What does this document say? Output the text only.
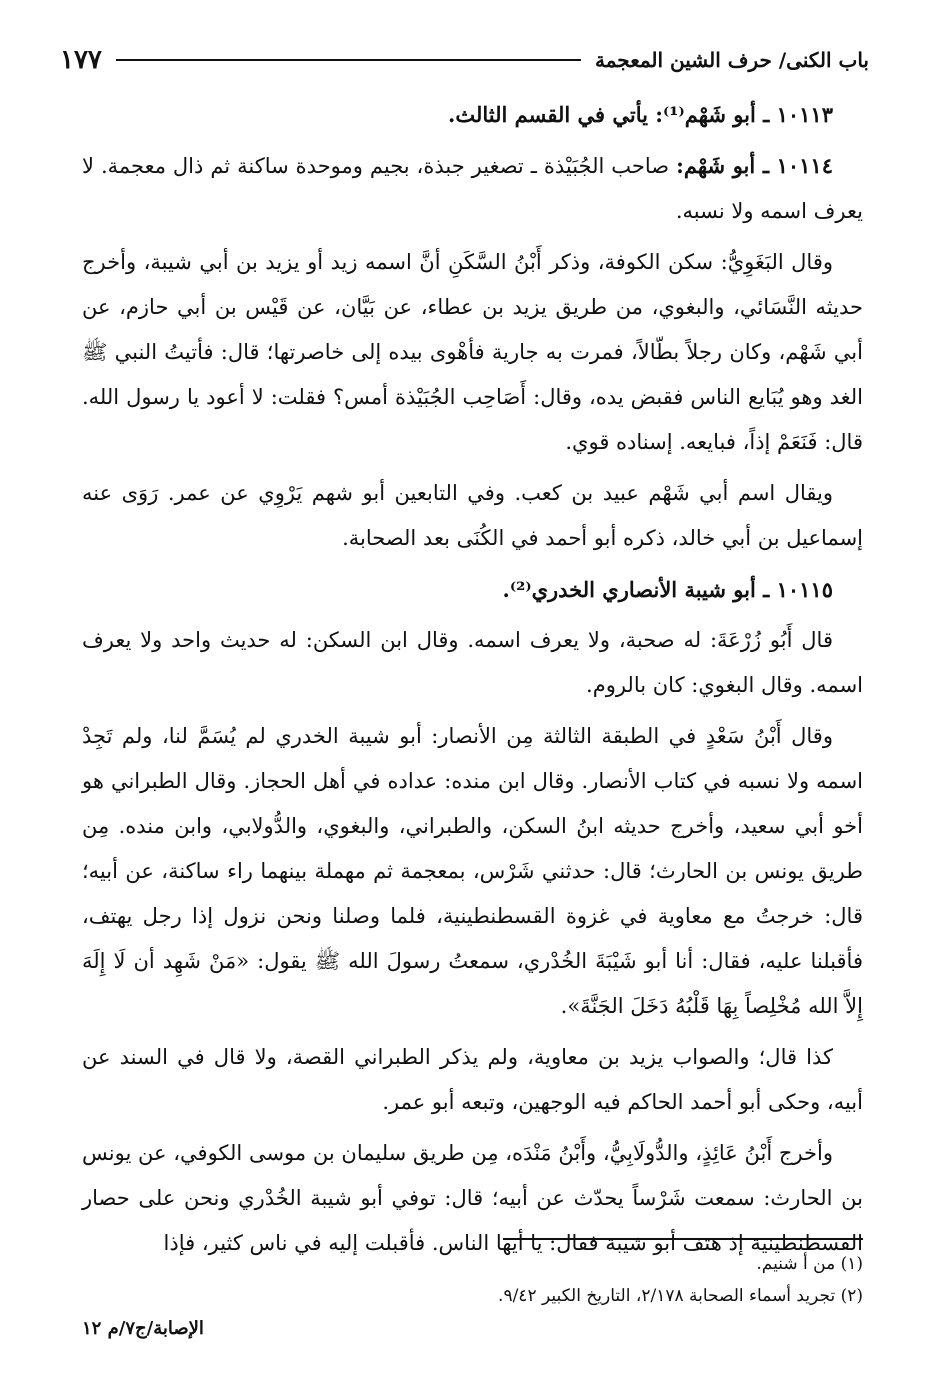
باب الكنى/ حرف الشين المعجمة
١٧٧

١٠١١٣ ـ أبو شَهْم⁽¹⁾: يأتي في القسم الثالث.

١٠١١٤ ـ أبو شَهْم: صاحب الجُبَيْذة ـ تصغير جبذة، بجيم وموحدة ساكنة ثم ذال معجمة. لا يعرف اسمه ولا نسبه.

وقال البَغَوِيُّ: سكن الكوفة، وذكر أَبْنُ السَّكَنِ أنَّ اسمه زيد أو يزيد بن أبي شيبة، وأخرج حديثه النَّسَائي، والبغوي، من طريق يزيد بن عطاء، عن بَيَّان، عن قَيْس بن أبي حازم، عن أبي شَهْم، وكان رجلاً بطّالاً، فمرت به جارية فأهْوى بيده إلى خاصرتها؛ قال: فأتيتُ النبي ﷺ الغد وهو يُبَايع الناس فقبض يده، وقال: أَصَاحِب الجُبَيْذة أمس؟ فقلت: لا أعود يا رسول الله. قال: فَنَعَمْ إذاً، فبايعه. إسناده قوي.

ويقال اسم أبي شَهْم عبيد بن كعب. وفي التابعين أبو شهم يَرْوِي عن عمر. رَوَى عنه إسماعيل بن أبي خالد، ذكره أبو أحمد في الكُنَى بعد الصحابة.

١٠١١٥ ـ أبو شيبة الأنصاري الخدري⁽²⁾.

قال أَبُو زُرْعَةَ: له صحبة، ولا يعرف اسمه. وقال ابن السكن: له حديث واحد ولا يعرف اسمه. وقال البغوي: كان بالروم.

وقال أَبْنُ سَعْدٍ في الطبقة الثالثة مِن الأنصار: أبو شيبة الخدري لم يُسَمَّ لنا، ولم تَجِدْ اسمه ولا نسبه في كتاب الأنصار. وقال ابن منده: عداده في أهل الحجاز. وقال الطبراني هو أخو أبي سعيد، وأخرج حديثه ابنُ السكن، والطبراني، والبغوي، والدُّولابي، وابن منده. مِن طريق يونس بن الحارث؛ قال: حدثني شَرْس، بمعجمة ثم مهملة بينهما راء ساكنة، عن أبيه؛ قال: خرجتُ مع معاوية في غزوة القسطنطينية، فلما وصلنا ونحن نزول إذا رجل يهتف، فأقبلنا عليه، فقال: أنا أبو شَيْبَةَ الخُدْري، سمعتُ رسولَ الله ﷺ يقول: «مَنْ شَهِد أن لَا إِلَهَ إِلاَّ الله مُخْلِصاً بِهَا قَلْبُهُ دَخَلَ الجَنَّةَ».

كذا قال؛ والصواب يزيد بن معاوية، ولم يذكر الطبراني القصة، ولا قال في السند عن أبيه، وحكى أبو أحمد الحاكم فيه الوجهين، وتبعه أبو عمر.

وأخرج أَبْنُ عَائِذٍ، والدُّولَابِيُّ، وأَبْنُ مَنْدَه، مِن طريق سليمان بن موسى الكوفي، عن يونس بن الحارث: سمعت شَرْساً يحدّث عن أبيه؛ قال: توفي أبو شيبة الخُدْري ونحن على حصار القسطنطينية إذ هتف أبو شيبة فقال: يا أيها الناس. فأقبلت إليه في ناس كثير، فإذا

(١) من أ شنيم.
(٢) تجريد أسماء الصحابة ٢/١٧٨، التاريخ الكبير ٩/٤٢.
الإصابة/ج٧/م ١٢
